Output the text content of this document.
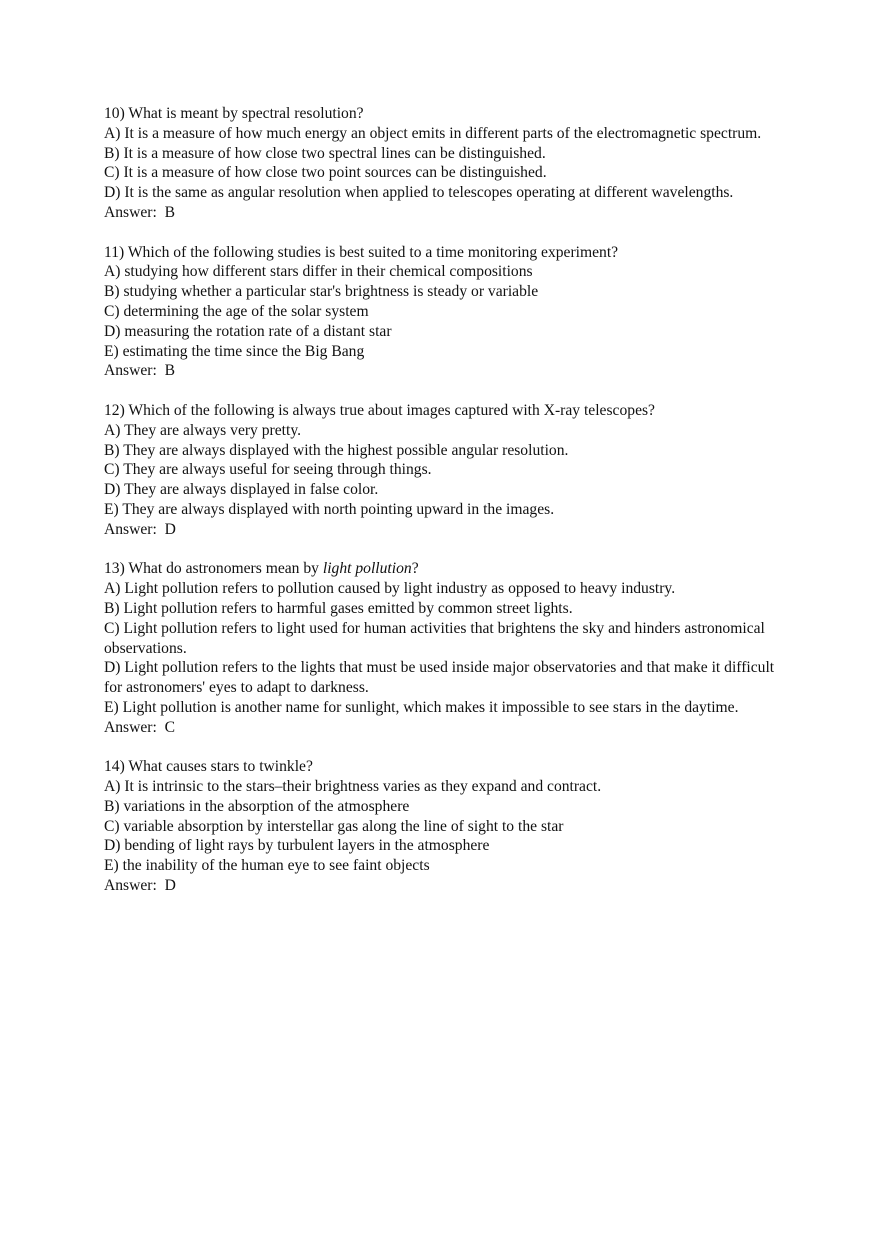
10) What is meant by spectral resolution?
A) It is a measure of how much energy an object emits in different parts of the electromagnetic spectrum.
B) It is a measure of how close two spectral lines can be distinguished.
C) It is a measure of how close two point sources can be distinguished.
D) It is the same as angular resolution when applied to telescopes operating at different wavelengths.
Answer: B
11) Which of the following studies is best suited to a time monitoring experiment?
A) studying how different stars differ in their chemical compositions
B) studying whether a particular star's brightness is steady or variable
C) determining the age of the solar system
D) measuring the rotation rate of a distant star
E) estimating the time since the Big Bang
Answer: B
12) Which of the following is always true about images captured with X-ray telescopes?
A) They are always very pretty.
B) They are always displayed with the highest possible angular resolution.
C) They are always useful for seeing through things.
D) They are always displayed in false color.
E) They are always displayed with north pointing upward in the images.
Answer: D
13) What do astronomers mean by light pollution?
A) Light pollution refers to pollution caused by light industry as opposed to heavy industry.
B) Light pollution refers to harmful gases emitted by common street lights.
C) Light pollution refers to light used for human activities that brightens the sky and hinders astronomical observations.
D) Light pollution refers to the lights that must be used inside major observatories and that make it difficult for astronomers' eyes to adapt to darkness.
E) Light pollution is another name for sunlight, which makes it impossible to see stars in the daytime.
Answer: C
14) What causes stars to twinkle?
A) It is intrinsic to the stars–their brightness varies as they expand and contract.
B) variations in the absorption of the atmosphere
C) variable absorption by interstellar gas along the line of sight to the star
D) bending of light rays by turbulent layers in the atmosphere
E) the inability of the human eye to see faint objects
Answer: D
